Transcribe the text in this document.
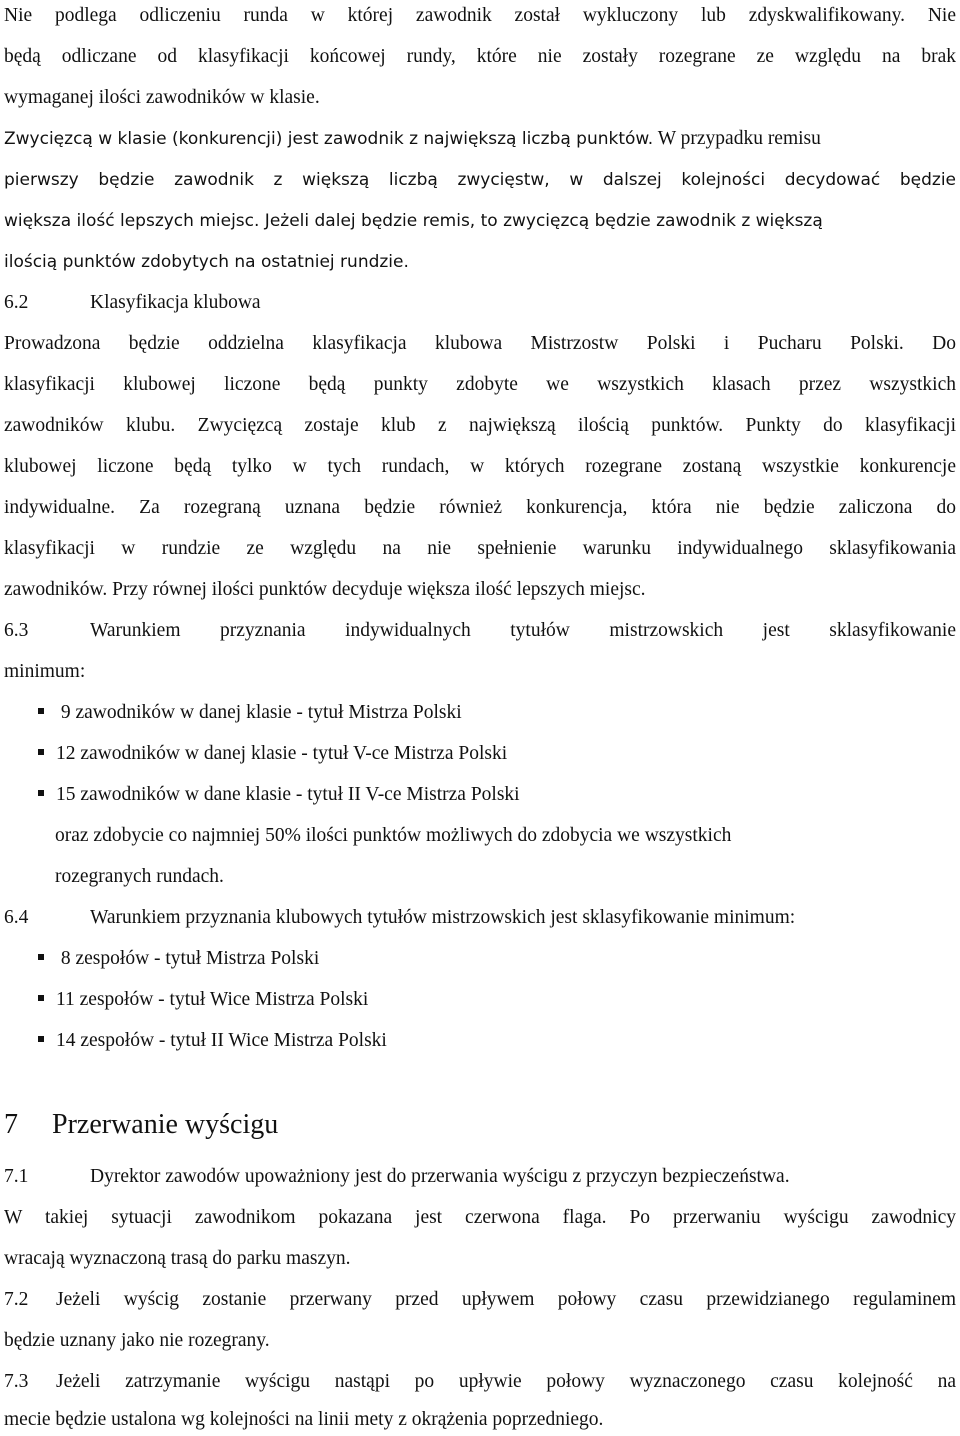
Nie podlega odliczeniu runda w której zawodnik został wykluczony lub zdyskwalifikowany. Nie
będą odliczane od klasyfikacji końcowej rundy, które nie zostały rozegrane ze względu na brak
wymaganej ilości zawodników w klasie.
Zwycięzcą w klasie (konkurencji) jest zawodnik z największą liczbą punktów. W przypadku remisu
pierwszy będzie zawodnik z większą liczbą zwycięstw, w dalszej kolejności decydować będzie
większa ilość lepszych miejsc. Jeżeli dalej będzie remis, to zwycięzcą będzie zawodnik z większą
ilością punktów zdobytych na ostatniej rundzie.
6.2	Klasyfikacja klubowa
Prowadzona będzie oddzielna klasyfikacja klubowa Mistrzostw Polski i Pucharu Polski. Do
klasyfikacji klubowej liczone będą punkty zdobyte we wszystkich klasach przez wszystkich
zawodników klubu. Zwycięzcą zostaje klub z największą ilością punktów. Punkty do klasyfikacji
klubowej liczone będą tylko w tych rundach, w których rozegrane zostaną wszystkie konkurencje
indywidualne. Za rozegraną uznana będzie również konkurencja, która nie będzie zaliczona do
klasyfikacji w rundzie ze względu na nie spełnienie warunku indywidualnego sklasyfikowania
zawodników. Przy równej ilości punktów decyduje większa ilość lepszych miejsc.
6.3	Warunkiem przyznania indywidualnych tytułów mistrzowskich jest sklasyfikowanie
minimum:
9 zawodników w danej klasie - tytuł Mistrza Polski
12 zawodników w danej klasie - tytuł V-ce Mistrza Polski
15 zawodników w dane klasie - tytuł II V-ce Mistrza Polski
oraz zdobycie co najmniej 50% ilości punktów możliwych do zdobycia we wszystkich
rozegranych rundach.
6.4	Warunkiem przyznania klubowych tytułów mistrzowskich jest sklasyfikowanie minimum:
8 zespołów - tytuł Mistrza Polski
11 zespołów - tytuł Wice Mistrza Polski
14 zespołów - tytuł II Wice Mistrza Polski
7 Przerwanie wyścigu
7.1	Dyrektor zawodów upoważniony jest do przerwania wyścigu z przyczyn bezpieczeństwa.
W takiej sytuacji zawodnikom pokazana jest czerwona flaga. Po przerwaniu wyścigu zawodnicy
wracają wyznaczoną trasą do parku maszyn.
7.2	Jeżeli wyścig zostanie przerwany przed upływem połowy czasu przewidzianego regulaminem
będzie uznany jako nie rozegrany.
7.3	Jeżeli zatrzymanie wyścigu nastąpi po upływie połowy wyznaczonego czasu kolejność na
mecie będzie ustalona wg kolejności na linii mety z okrążenia poprzedniego.
